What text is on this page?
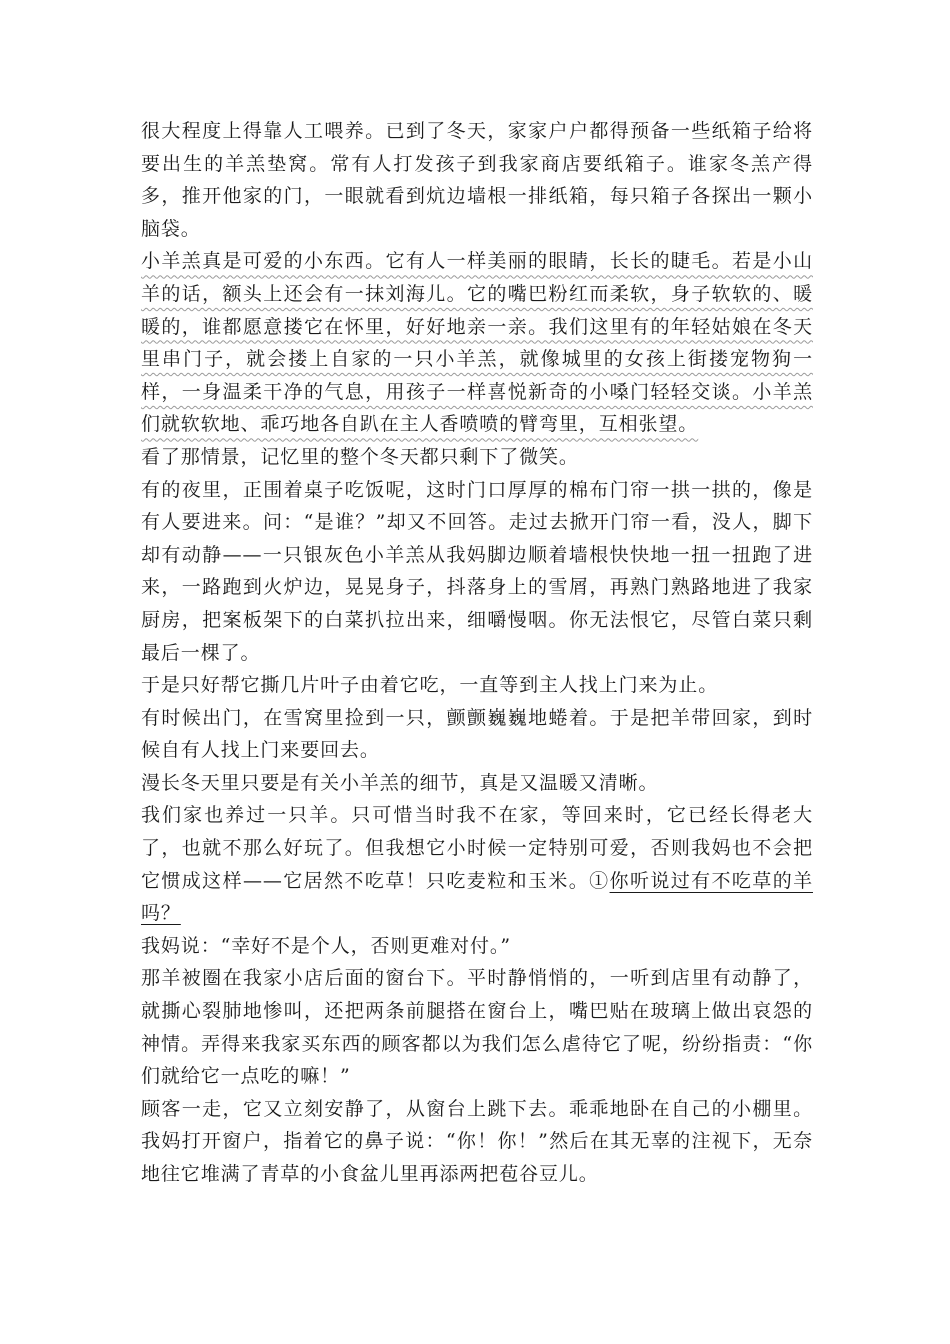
很大程度上得靠人工喂养。已到了冬天，家家户户都得预备一些纸箱子给将要出生的羊羔垫窝。常有人打发孩子到我家商店要纸箱子。谁家冬羔产得多，推开他家的门，一眼就看到炕边墙根一排纸箱，每只箱子各探出一颗小脑袋。

小羊羔真是可爱的小东西。它有人一样美丽的眼睛，长长的睫毛。若是小山羊的话，额头上还会有一抹刘海儿。它的嘴巴粉红而柔软，身子软软的、暖暖的，谁都愿意搂它在怀里，好好地亲一亲。我们这里有的年轻姑娘在冬天里串门子，就会搂上自家的一只小羊羔，就像城里的女孩上街搂宠物狗一样，一身温柔干净的气息，用孩子一样喜悦新奇的小嗓门轻轻交谈。小羊羔们就软软地、乖巧地各自趴在主人香喷喷的臂弯里，互相张望。

看了那情景，记忆里的整个冬天都只剩下了微笑。

有的夜里，正围着桌子吃饭呢，这时门口厚厚的棉布门帘一拱一拱的，像是有人要进来。问：“是谁？”却又不回答。走过去掀开门帘一看，没人，脚下却有动静——一只银灰色小羊羔从我妈脚边顺着墙根快快地一扭一扭跑了进来，一路跑到火炉边，晃晃身子，抖落身上的雪屑，再熟门熟路地进了我家厨房，把案板架下的白菜扒拉出来，细嚼慢咽。你无法恨它，尽管白菜只剩最后一棵了。

于是只好帮它撕几片叶子由着它吃，一直等到主人找上门来为止。

有时候出门，在雪窝里捡到一只，颤颤巍巍地蜷着。于是把羊带回家，到时候自有人找上门来要回去。

漫长冬天里只要是有关小羊羔的细节，真是又温暖又清晰。

我们家也养过一只羊。只可惜当时我不在家，等回来时，它已经长得老大了，也就不那么好玩了。但我想它小时候一定特别可爱，否则我妈也不会把它惯成这样——它居然不吃草！只吃麦粒和玉米。①你听说过有不吃草的羊吗？

我妈说：“幸好不是个人，否则更难对付。”

那羊被圈在我家小店后面的窗台下。平时静悄悄的，一听到店里有动静了，就撕心裂肺地惨叫，还把两条前腿搭在窗台上，嘴巴贴在玻璃上做出哀怨的神情。弄得来我家买东西的顾客都以为我们怎么虐待它了呢，纷纷指责：“你们就给它一点吃的嘛！”

顾客一走，它又立刻安静了，从窗台上跳下去。乖乖地卧在自己的小棚里。我妈打开窗户，指着它的鼻子说：“你！你！”然后在其无辜的注视下，无奈地往它堆满了青草的小食盆儿里再添两把苞谷豆儿。
